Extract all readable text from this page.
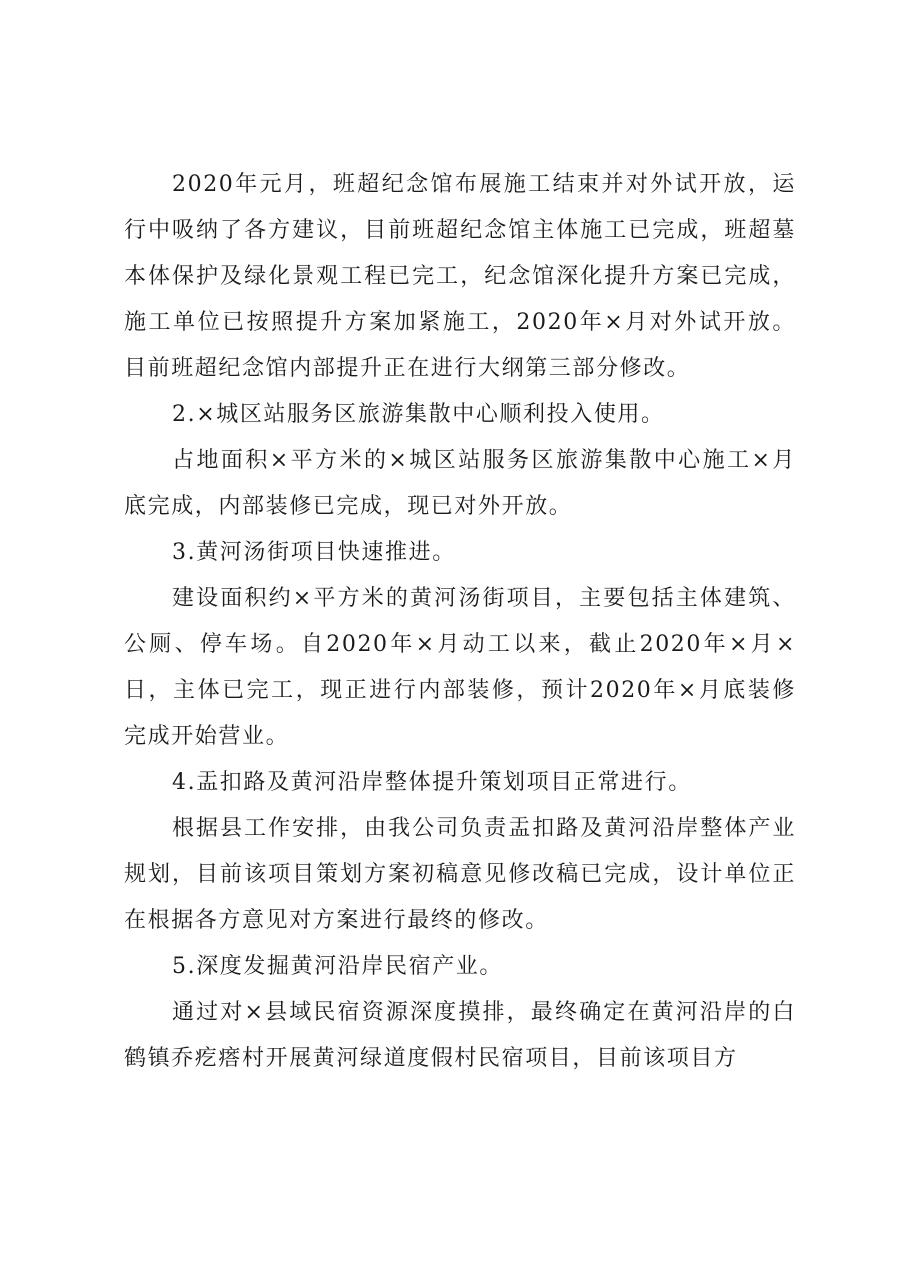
2020年元月，班超纪念馆布展施工结束并对外试开放，运行中吸纳了各方建议，目前班超纪念馆主体施工已完成，班超墓本体保护及绿化景观工程已完工，纪念馆深化提升方案已完成，施工单位已按照提升方案加紧施工，2020年×月对外试开放。目前班超纪念馆内部提升正在进行大纲第三部分修改。

2.×城区站服务区旅游集散中心顺利投入使用。

占地面积×平方米的×城区站服务区旅游集散中心施工×月底完成，内部装修已完成，现已对外开放。

3.黄河汤街项目快速推进。

建设面积约×平方米的黄河汤街项目，主要包括主体建筑、公厕、停车场。自2020年×月动工以来，截止2020年×月×日，主体已完工，现正进行内部装修，预计2020年×月底装修完成开始营业。

4.盂扣路及黄河沿岸整体提升策划项目正常进行。

根据县工作安排，由我公司负责盂扣路及黄河沿岸整体产业规划，目前该项目策划方案初稿意见修改稿已完成，设计单位正在根据各方意见对方案进行最终的修改。

5.深度发掘黄河沿岸民宿产业。

通过对×县域民宿资源深度摸排，最终确定在黄河沿岸的白鹤镇乔疙瘩村开展黄河绿道度假村民宿项目，目前该项目方
